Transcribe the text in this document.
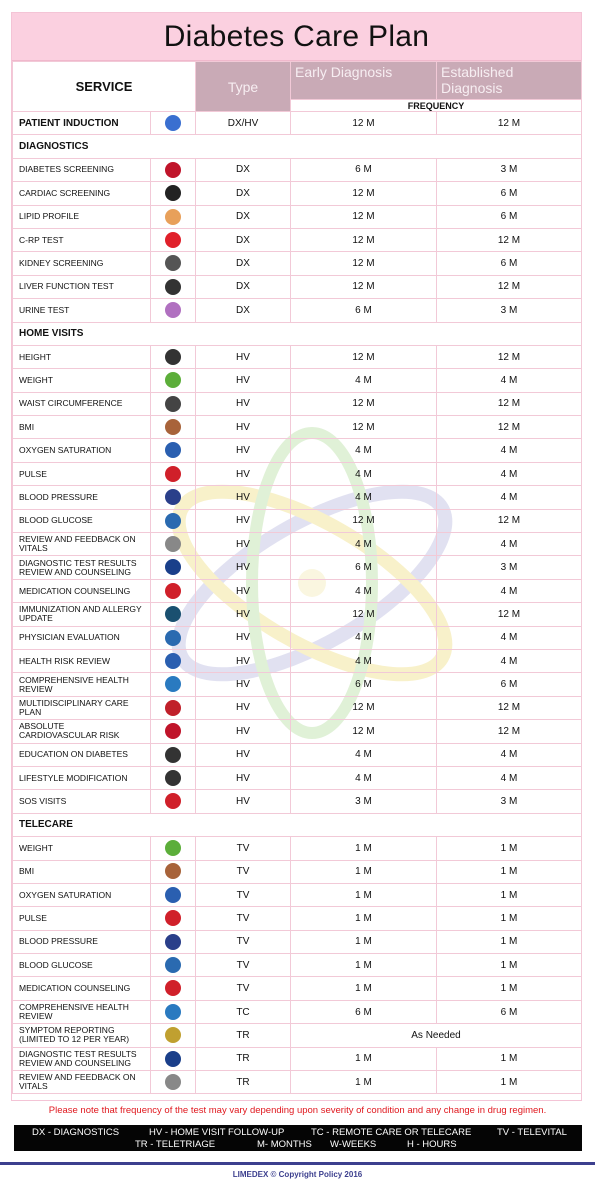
Diabetes Care Plan
SERVICE		Type	Early Diagnosis	Established Diagnosis
			FREQUENCY	
PATIENT INDUCTION		DX/HV	12 M	12 M
DIAGNOSTICS				
DIABETES SCREENING		DX	6 M	3 M
CARDIAC SCREENING		DX	12 M	6 M
LIPID PROFILE		DX	12 M	6 M
C-RP TEST		DX	12 M	12 M
KIDNEY SCREENING		DX	12 M	6 M
LIVER FUNCTION TEST		DX	12 M	12 M
URINE TEST		DX	6 M	3 M
HOME VISITS				
HEIGHT		HV	12 M	12 M
WEIGHT		HV	4 M	4 M
WAIST CIRCUMFERENCE		HV	12 M	12 M
BMI		HV	12 M	12 M
OXYGEN SATURATION		HV	4 M	4 M
PULSE		HV	4 M	4 M
BLOOD PRESSURE		HV	4 M	4 M
BLOOD GLUCOSE		HV	12 M	12 M
REVIEW AND FEEDBACK ON VITALS		HV	4 M	4 M
DIAGNOSTIC TEST RESULTS REVIEW AND COUNSELING		HV	6 M	3 M
MEDICATION COUNSELING		HV	4 M	4 M
IMMUNIZATION AND ALLERGY UPDATE		HV	12 M	12 M
PHYSICIAN EVALUATION		HV	4 M	4 M
HEALTH RISK REVIEW		HV	4 M	4 M
COMPREHENSIVE HEALTH REVIEW		HV	6 M	6 M
MULTIDISCIPLINARY CARE PLAN		HV	12 M	12 M
ABSOLUTE CARDIOVASCULAR RISK		HV	12 M	12 M
EDUCATION ON DIABETES		HV	4 M	4 M
LIFESTYLE MODIFICATION		HV	4 M	4 M
SOS VISITS		HV	3 M	3 M
TELECARE				
WEIGHT		TV	1 M	1 M
BMI		TV	1 M	1 M
OXYGEN SATURATION		TV	1 M	1 M
PULSE		TV	1 M	1 M
BLOOD PRESSURE		TV	1 M	1 M
BLOOD GLUCOSE		TV	1 M	1 M
MEDICATION COUNSELING		TV	1 M	1 M
COMPREHENSIVE HEALTH REVIEW		TC	6 M	6 M
SYMPTOM REPORTING (LIMITED TO 12 PER YEAR)		TR	As Needed	
DIAGNOSTIC TEST RESULTS REVIEW AND COUNSELING		TR	1 M	1 M
REVIEW AND FEEDBACK ON VITALS		TR	1 M	1 M
Please note that frequency of the test may vary depending upon severity of condition and any change in drug regimen.
DX - DIAGNOSTICS	HV - HOME VISIT FOLLOW-UP	TC - REMOTE CARE OR TELECARE	TV - TELEVITAL
TR - TELETRIAGE	M- MONTHS W-WEEKS	H - HOURS
LIMEDEX © Copyright Policy 2016
